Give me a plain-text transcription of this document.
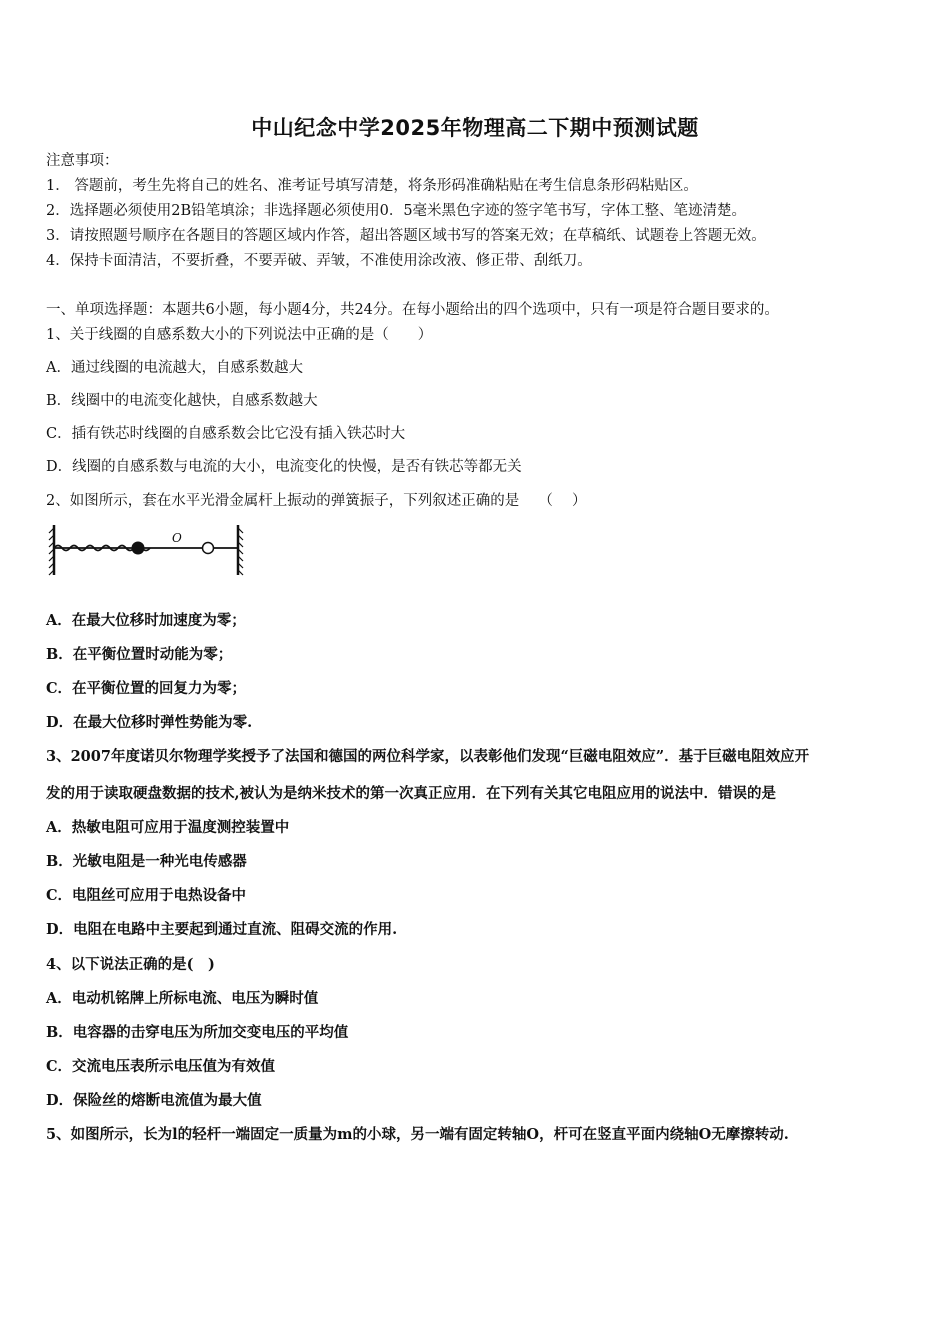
中山纪念中学2025年物理高二下期中预测试题
注意事项：
1． 答题前，考生先将自己的姓名、准考证号填写清楚，将条形码准确粘贴在考生信息条形码粘贴区。
2．选择题必须使用2B铅笔填涂；非选择题必须使用0．5毫米黑色字迹的签字笔书写，字体工整、笔迹清楚。
3．请按照题号顺序在各题目的答题区域内作答，超出答题区域书写的答案无效；在草稿纸、试题卷上答题无效。
4．保持卡面清洁，不要折叠，不要弄破、弄皱，不准使用涂改液、修正带、刮纸刀。
一、单项选择题：本题共6小题，每小题4分，共24分。在每小题给出的四个选项中，只有一项是符合题目要求的。
1、关于线圈的自感系数大小的下列说法中正确的是（　　）
A．通过线圈的电流越大，自感系数越大
B．线圈中的电流变化越快，自感系数越大
C．插有铁芯时线圈的自感系数会比它没有插入铁芯时大
D．线圈的自感系数与电流的大小，电流变化的快慢，是否有铁芯等都无关
2、如图所示，套在水平光滑金属杆上振动的弹簧振子，下列叙述正确的是　 （　 ）
O
A．在最大位移时加速度为零；
B．在平衡位置时动能为零；
C．在平衡位置的回复力为零；
D．在最大位移时弹性势能为零.
3、2007年度诺贝尔物理学奖授予了法国和德国的两位科学家，以表彰他们发现“巨磁电阻效应”．基于巨磁电阻效应开
发的用于读取硬盘数据的技术,被认为是纳米技术的第一次真正应用．在下列有关其它电阻应用的说法中．错误的是
A．热敏电阻可应用于温度测控装置中
B．光敏电阻是一种光电传感器
C．电阻丝可应用于电热设备中
D．电阻在电路中主要起到通过直流、阻碍交流的作用.
4、以下说法正确的是(　)
A．电动机铭牌上所标电流、电压为瞬时值
B．电容器的击穿电压为所加交变电压的平均值
C．交流电压表所示电压值为有效值
D．保险丝的熔断电流值为最大值
5、如图所示，长为l的轻杆一端固定一质量为m的小球，另一端有固定转轴O，杆可在竖直平面内绕轴O无摩擦转动.
